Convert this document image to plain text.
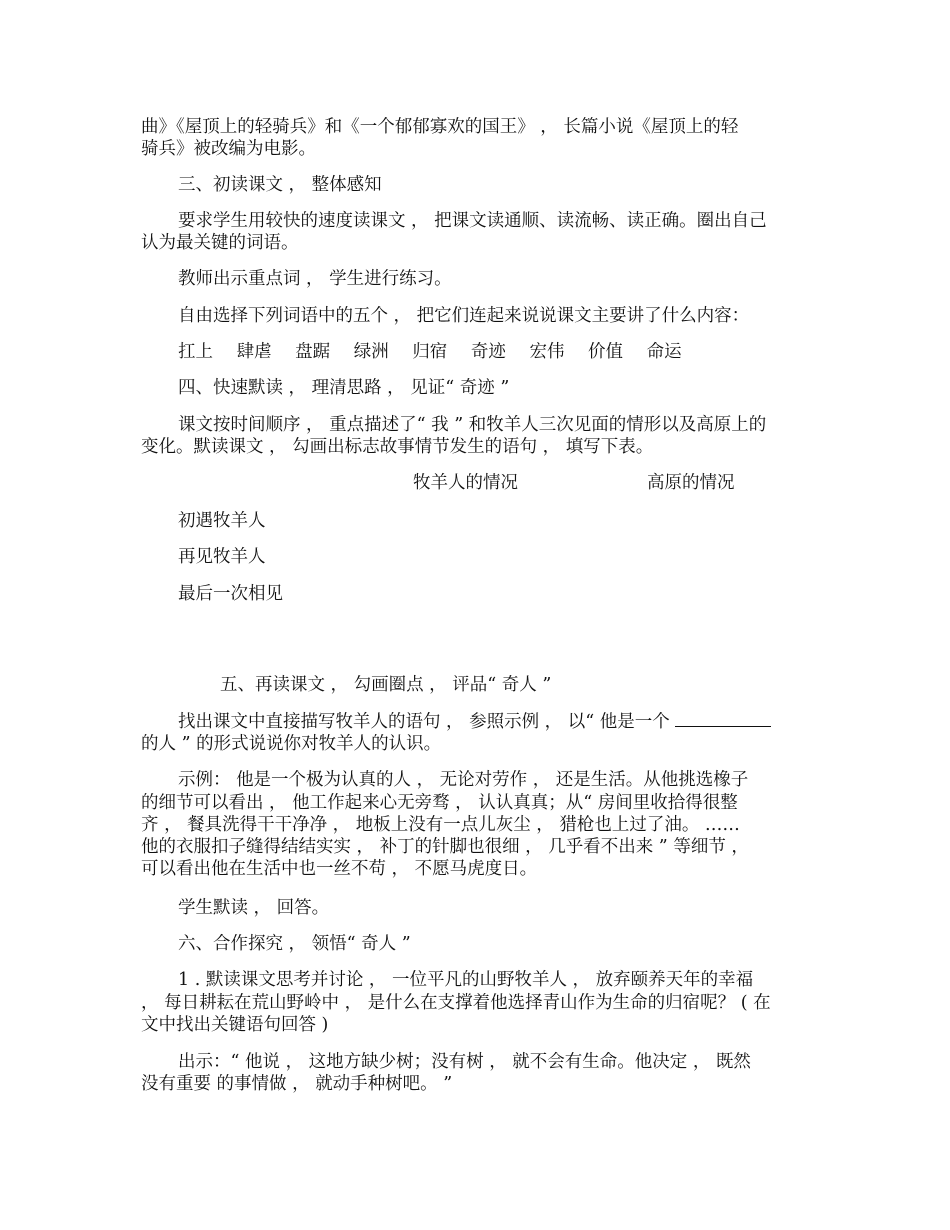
曲》《屋顶上的轻骑兵》和《一个郁郁寡欢的国王》 ， 长篇小说《屋顶上的轻
骑兵》被改编为电影。
三、初读课文 ， 整体感知
要求学生用较快的速度读课文 ， 把课文读通顺、读流畅、读正确。圈出自己
认为最关键的词语。
教师出示重点词 ， 学生进行练习。
自由选择下列词语中的五个 ， 把它们连起来说说课文主要讲了什么内容：
扛上 肆虐 盘踞 绿洲 归宿 奇迹 宏伟 价值 命运
四、快速默读 ， 理清思路 ， 见证“ 奇迹 ”
课文按时间顺序 ， 重点描述了“ 我 ” 和牧羊人三次见面的情形以及高原上的
变化。默读课文 ， 勾画出标志故事情节发生的语句 ， 填写下表。
牧羊人的情况	高原的情况
初遇牧羊人
再见牧羊人
最后一次相见
五、再读课文 ， 勾画圈点 ， 评品“ 奇人 ”
找出课文中直接描写牧羊人的语句 ， 参照示例 ， 以“ 他是一个
的人 ” 的形式说说你对牧羊人的认识。
示例： 他是一个极为认真的人 ， 无论对劳作 ， 还是生活。从他挑选橡子
的细节可以看出 ， 他工作起来心无旁骛 ， 认认真真；从“ 房间里收拾得很整
齐 ， 餐具洗得干干净净 ， 地板上没有一点儿灰尘 ， 猎枪也上过了油。 ……
他的衣服扣子缝得结结实实 ， 补丁的针脚也很细 ， 几乎看不出来 ” 等细节 ，
可以看出他在生活中也一丝不苟 ， 不愿马虎度日。
学生默读 ， 回答。
六、合作探究 ， 领悟“ 奇人 ”
1 . 默读课文思考并讨论 ， 一位平凡的山野牧羊人 ， 放弃颐养天年的幸福
， 每日耕耘在荒山野岭中 ， 是什么在支撑着他选择青山作为生命的归宿呢？ ( 在
文中找出关键语句回答 )
出示：“ 他说 ， 这地方缺少树；没有树 ， 就不会有生命。他决定 ， 既然
没有重要 的事情做 ， 就动手种树吧。 ”
